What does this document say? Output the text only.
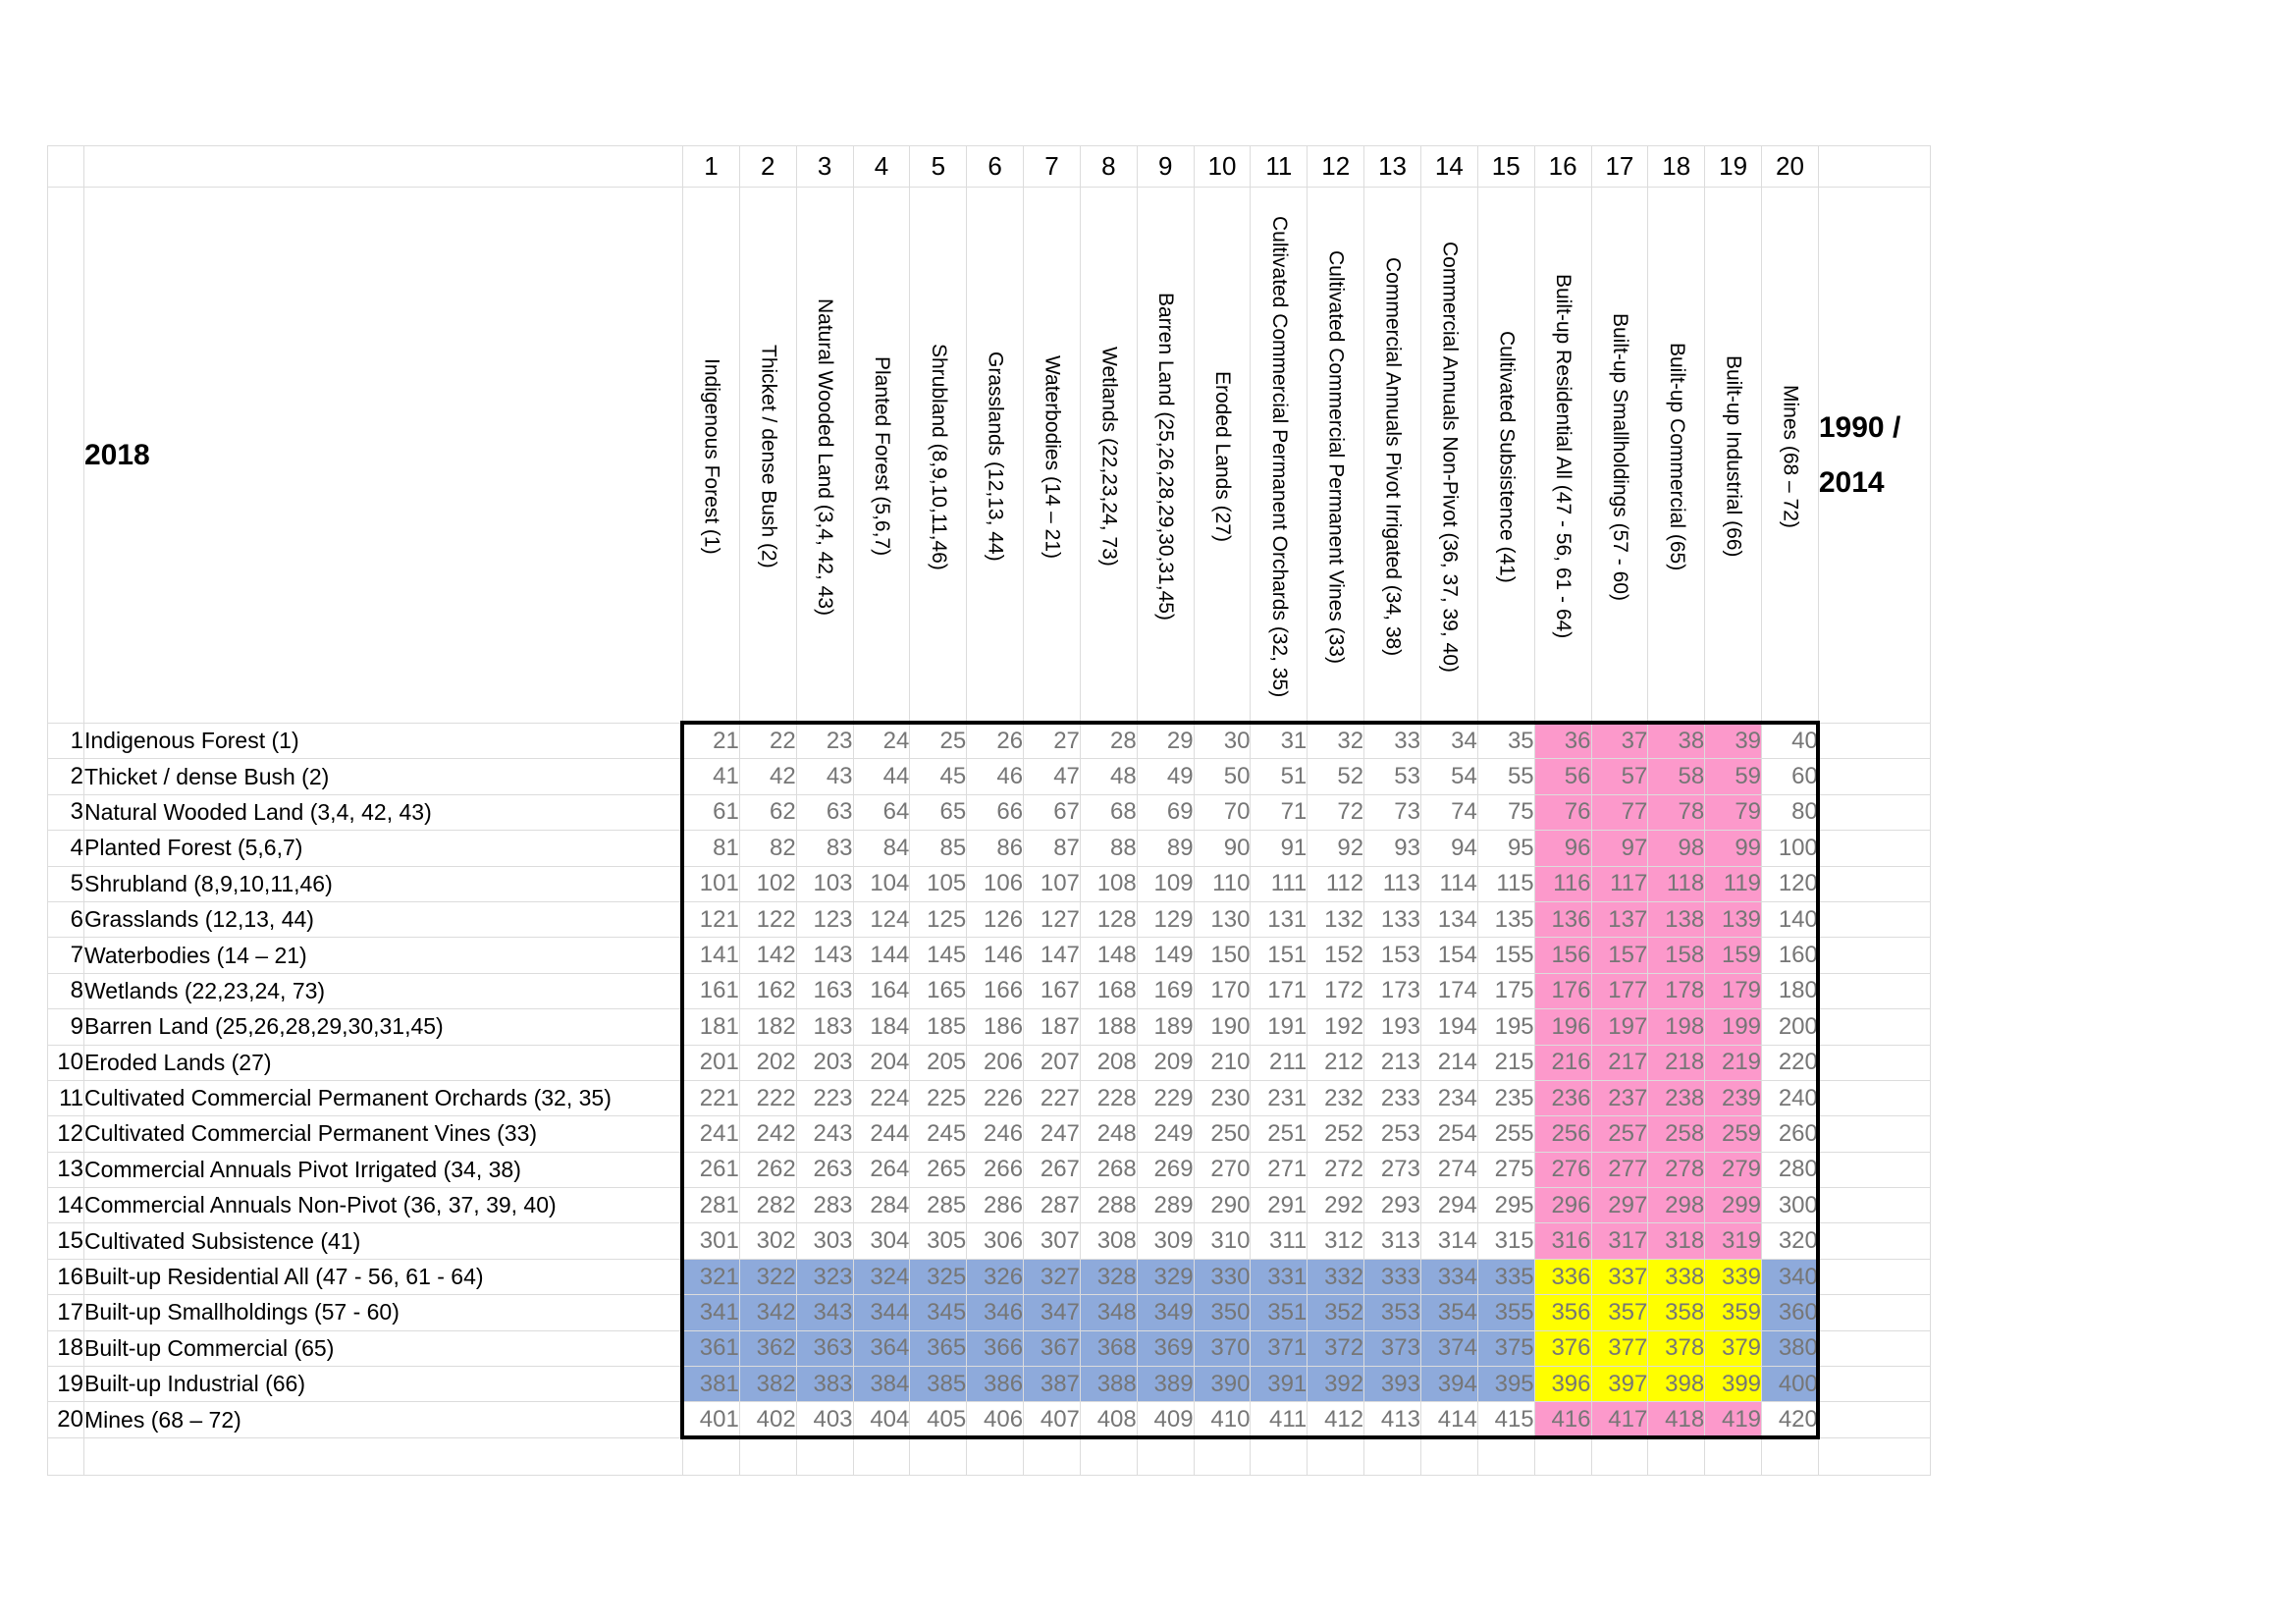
		1	2	3	4	5	6	7	8	9	10	11	12	13	14	15	16	17	18	19	20	

	2018	Indigenous Forest (1)	Thicket / dense Bush (2)	Natural Wooded Land (3,4, 42, 43)	Planted Forest (5,6,7)	Shrubland (8,9,10,11,46)	Grasslands (12,13, 44)	Waterbodies (14 – 21)	Wetlands (22,23,24, 73)	Barren Land (25,26,28,29,30,31,45)	Eroded Lands (27)	Cultivated Commercial Permanent Orchards (32, 35)	Cultivated Commercial Permanent Vines (33)	Commercial Annuals Pivot Irrigated (34, 38)	Commercial Annuals Non-Pivot (36, 37, 39, 40)	Cultivated Subsistence (41)	Built-up Residential All (47 - 56, 61 - 64)	Built-up Smallholdings (57 - 60)	Built-up Commercial (65)	Built-up Industrial (66)	Mines (68 – 72)	1990 /
2014

1	Indigenous Forest (1)	21	22	23	24	25	26	27	28	29	30	31	32	33	34	35	36	37	38	39	40	
2	Thicket / dense Bush (2)	41	42	43	44	45	46	47	48	49	50	51	52	53	54	55	56	57	58	59	60	
3	Natural Wooded Land (3,4, 42, 43)	61	62	63	64	65	66	67	68	69	70	71	72	73	74	75	76	77	78	79	80	
4	Planted Forest (5,6,7)	81	82	83	84	85	86	87	88	89	90	91	92	93	94	95	96	97	98	99	100	
5	Shrubland (8,9,10,11,46)	101	102	103	104	105	106	107	108	109	110	111	112	113	114	115	116	117	118	119	120	
6	Grasslands (12,13, 44)	121	122	123	124	125	126	127	128	129	130	131	132	133	134	135	136	137	138	139	140	
7	Waterbodies (14 – 21)	141	142	143	144	145	146	147	148	149	150	151	152	153	154	155	156	157	158	159	160	
8	Wetlands (22,23,24, 73)	161	162	163	164	165	166	167	168	169	170	171	172	173	174	175	176	177	178	179	180	
9	Barren Land (25,26,28,29,30,31,45)	181	182	183	184	185	186	187	188	189	190	191	192	193	194	195	196	197	198	199	200	
10	Eroded Lands (27)	201	202	203	204	205	206	207	208	209	210	211	212	213	214	215	216	217	218	219	220	
11	Cultivated Commercial Permanent Orchards (32, 35)	221	222	223	224	225	226	227	228	229	230	231	232	233	234	235	236	237	238	239	240	
12	Cultivated Commercial Permanent Vines (33)	241	242	243	244	245	246	247	248	249	250	251	252	253	254	255	256	257	258	259	260	
13	Commercial Annuals Pivot Irrigated (34, 38)	261	262	263	264	265	266	267	268	269	270	271	272	273	274	275	276	277	278	279	280	
14	Commercial Annuals Non-Pivot (36, 37, 39, 40)	281	282	283	284	285	286	287	288	289	290	291	292	293	294	295	296	297	298	299	300	
15	Cultivated Subsistence (41)	301	302	303	304	305	306	307	308	309	310	311	312	313	314	315	316	317	318	319	320	
16	Built-up Residential All (47 - 56, 61 - 64)	321	322	323	324	325	326	327	328	329	330	331	332	333	334	335	336	337	338	339	340	
17	Built-up Smallholdings (57 - 60)	341	342	343	344	345	346	347	348	349	350	351	352	353	354	355	356	357	358	359	360	
18	Built-up Commercial (65)	361	362	363	364	365	366	367	368	369	370	371	372	373	374	375	376	377	378	379	380	
19	Built-up Industrial (66)	381	382	383	384	385	386	387	388	389	390	391	392	393	394	395	396	397	398	399	400	
20	Mines (68 – 72)	401	402	403	404	405	406	407	408	409	410	411	412	413	414	415	416	417	418	419	420	
